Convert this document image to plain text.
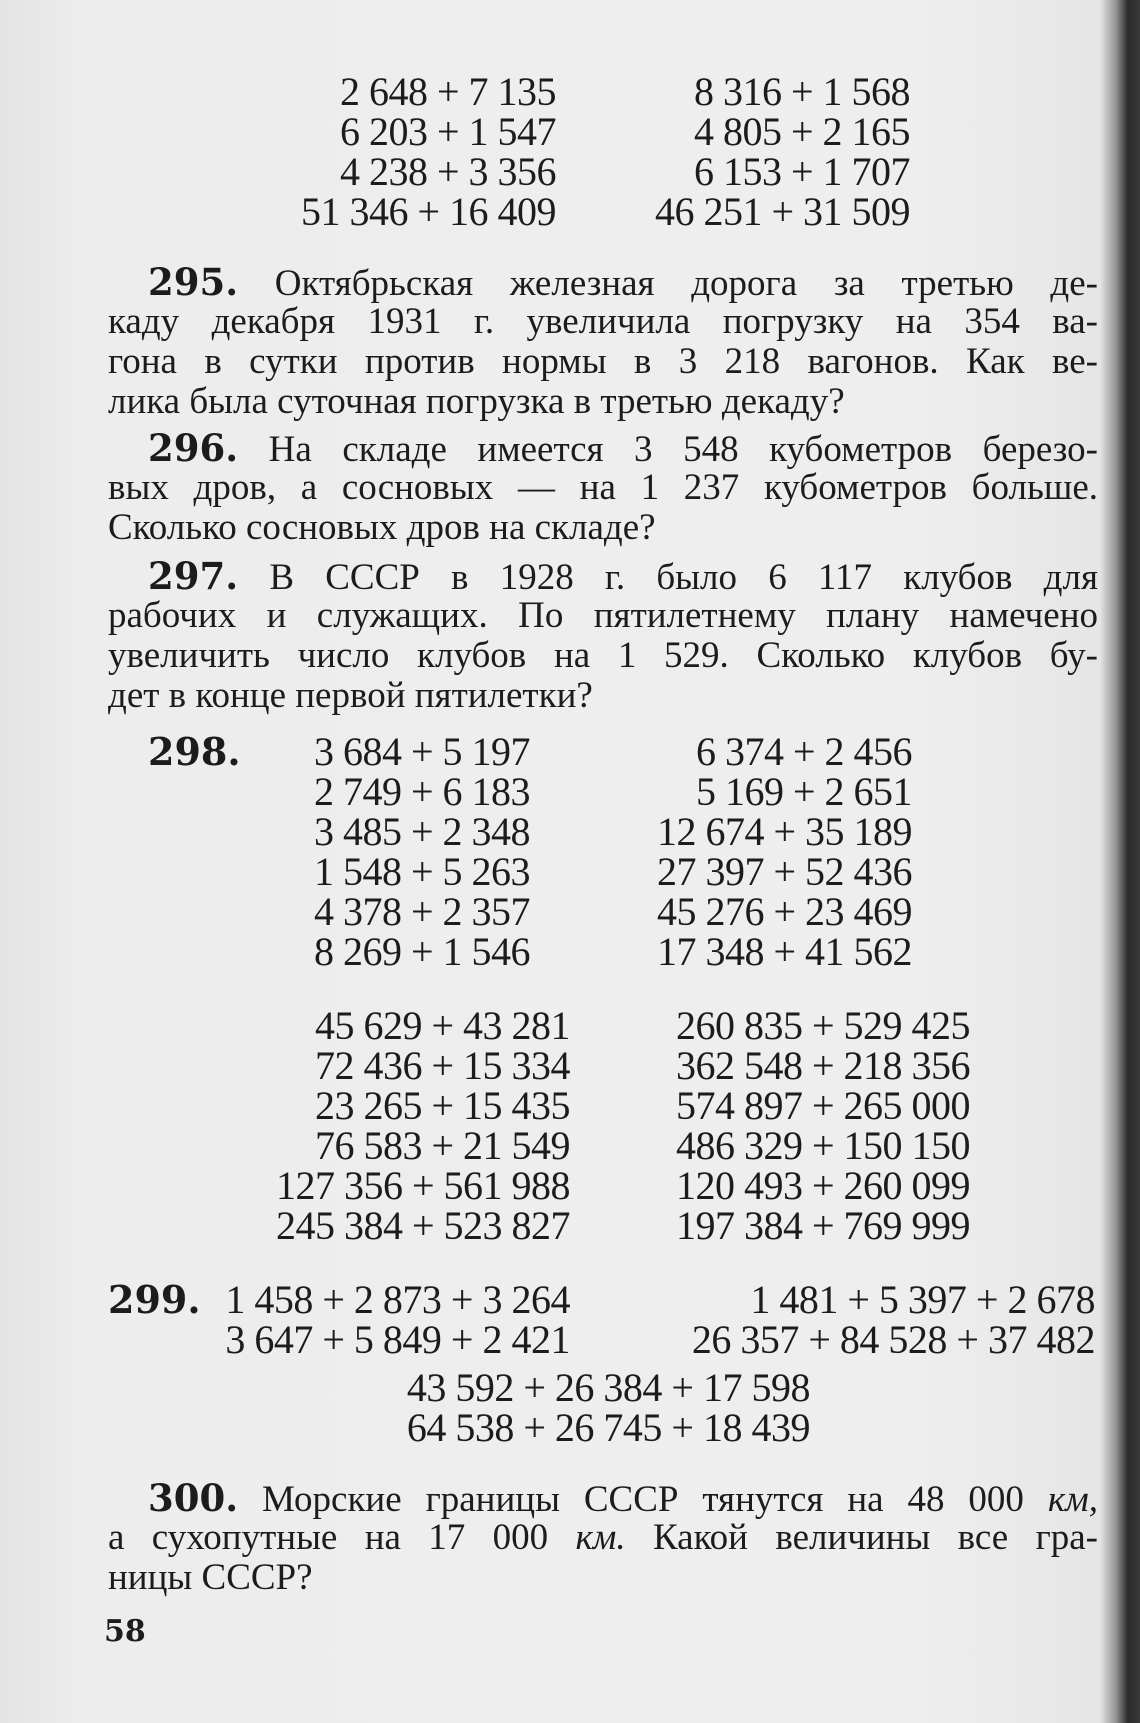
2 648 + 7 135
6 203 + 1 547
4 238 + 3 356
51 346 + 16 409
8 316 + 1 568
4 805 + 2 165
6 153 + 1 707
46 251 + 31 509
295. Октябрьская железная дорога за третью де-
каду декабря 1931 г. увеличила погрузку на 354 ва-
гона в сутки против нормы в 3 218 вагонов. Как ве-
лика была суточная погрузка в третью декаду?
296. На складе имеется 3 548 кубометров березо-
вых дров, а сосновых — на 1 237 кубометров больше.
Сколько сосновых дров на складе?
297. В СССР в 1928 г. было 6 117 клубов для
рабочих и служащих. По пятилетнему плану намечено
увеличить число клубов на 1 529. Сколько клубов бу-
дет в конце первой пятилетки?
298.	3 684 + 5 197
2 749 + 6 183
3 485 + 2 348
1 548 + 5 263
4 378 + 2 357
8 269 + 1 546
6 374 + 2 456
5 169 + 2 651
12 674 + 35 189
27 397 + 52 436
45 276 + 23 469
17 348 + 41 562
45 629 + 43 281
72 436 + 15 334
23 265 + 15 435
76 583 + 21 549
127 356 + 561 988
245 384 + 523 827
260 835 + 529 425
362 548 + 218 356
574 897 + 265 000
486 329 + 150 150
120 493 + 260 099
197 384 + 769 999
299. 1 458 + 2 873 + 3 264
3 647 + 5 849 + 2 421
1 481 + 5 397 + 2 678
26 357 + 84 528 + 37 482
43 592 + 26 384 + 17 598
64 538 + 26 745 + 18 439
300. Морские границы СССР тянутся на 48 000 км,
а сухопутные на 17 000 км. Какой величины все гра-
ницы СССР?
58
